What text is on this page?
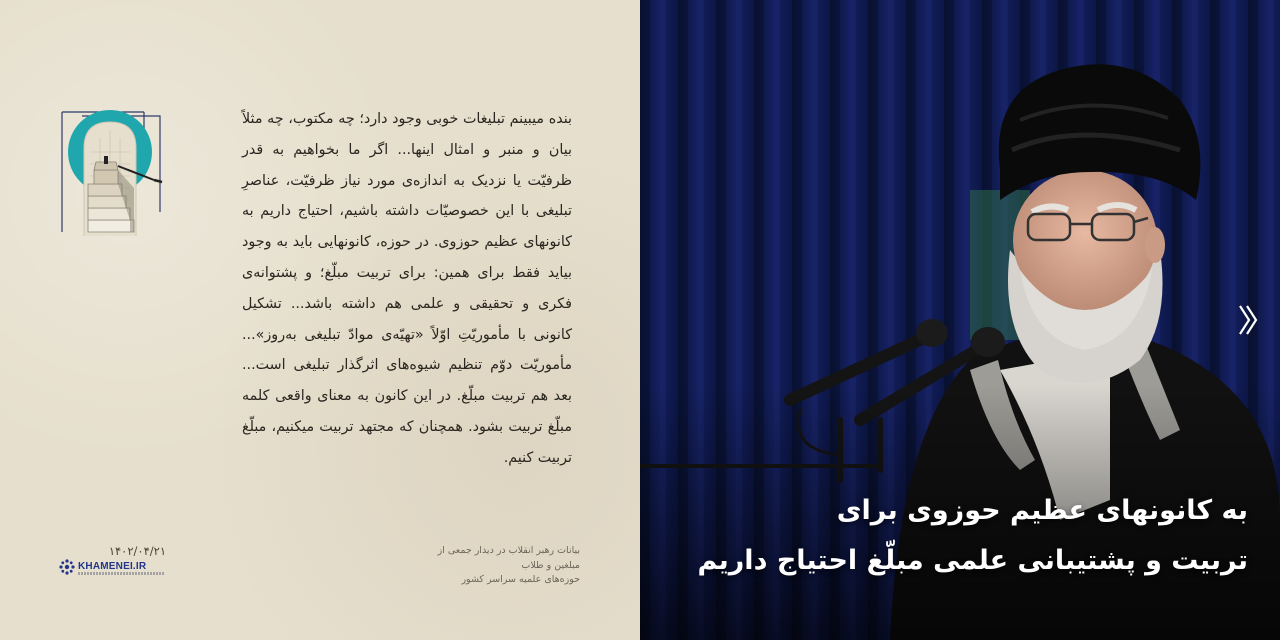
بنده میبینم تبلیغات خوبی وجود دارد؛ چه مکتوب، چه مثلاً بیان و منبر و امثال اینها... اگر ما بخواهیم به قدر ظرفیّت یا نزدیک به اندازه‌ی مورد نیاز ظرفیّت، عناصرِ تبلیغی با این خصوصیّات داشته باشیم، احتیاج داریم به کانونهای عظیم حوزوی. در حوزه، کانونهایی باید به وجود بیاید فقط برای همین: برای تربیت مبلّغ؛ و پشتوانه‌ی فکری و تحقیقی و علمی هم داشته باشد... تشکیل کانونی با مأموریّتِ اوّلاً «تهیّه‌ی موادّ تبلیغی به‌روز»... مأموریّت دوّم تنظیم شیوه‌های اثرگذار تبلیغی است... بعد هم تربیت مبلّغ. در این کانون به معنای واقعی کلمه مبلّغ تربیت بشود. همچنان که مجتهد تربیت میکنیم، مبلّغ تربیت کنیم.

بیانات رهبر انقلاب در دیدار جمعی از مبلغین و طلاب
حوزه‌های علمیه سراسر کشور
۱۴۰۲/۰۴/۲۱
KHAMENEI.IR
به کانونهای عظیم حوزوی برای
تربیت و پشتیبانی علمی مبلّغ احتیاج داریم
